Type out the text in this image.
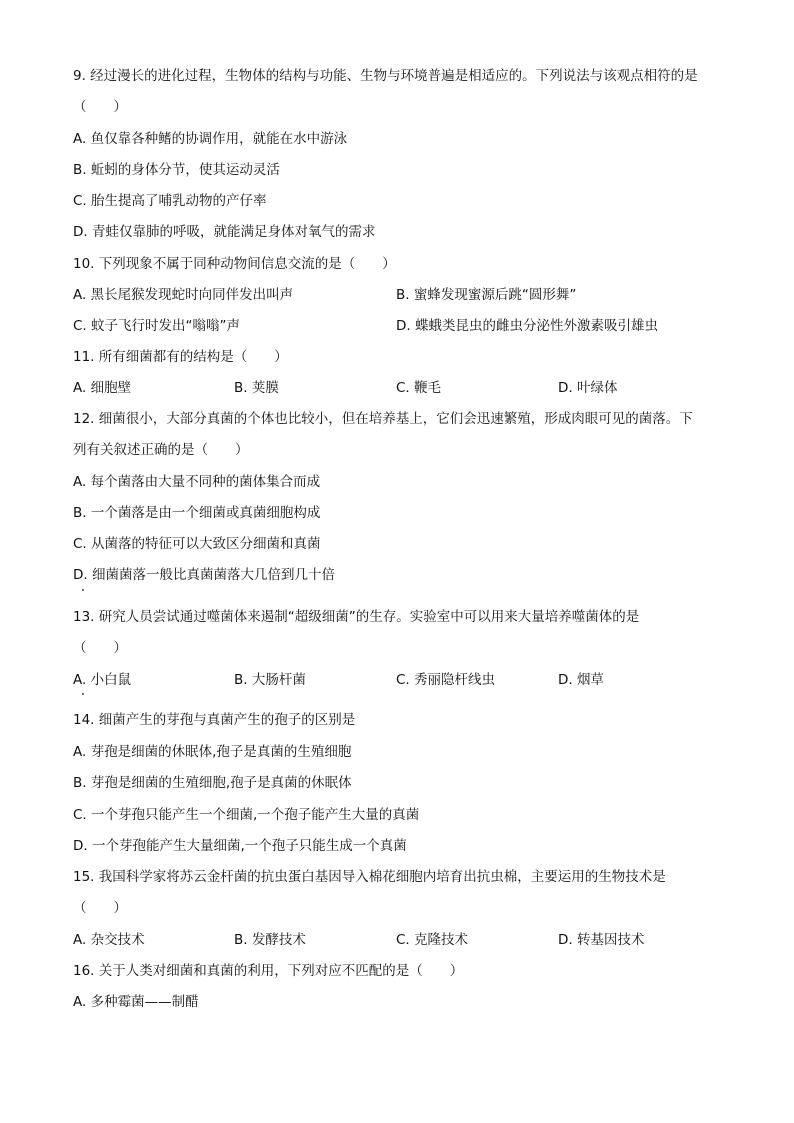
9. 经过漫长的进化过程，生物体的结构与功能、生物与环境普遍是相适应的。下列说法与该观点相符的是
（　　）
A. 鱼仅靠各种鳍的协调作用，就能在水中游泳
B. 蚯蚓的身体分节，使其运动灵活
C. 胎生提高了哺乳动物的产仔率
D. 青蛙仅靠肺的呼吸，就能满足身体对氧气的需求
10. 下列现象不属于同种动物间信息交流的是（　　）
A. 黑长尾猴发现蛇时向同伴发出叫声	B. 蜜蜂发现蜜源后跳“圆形舞”
C. 蚊子飞行时发出“嗡嗡”声	D. 蝶蛾类昆虫的雌虫分泌性外激素吸引雄虫
11. 所有细菌都有的结构是（　　）
A. 细胞壁	B. 荚膜	C. 鞭毛	D. 叶绿体
12. 细菌很小，大部分真菌的个体也比较小，但在培养基上，它们会迅速繁殖，形成肉眼可见的菌落。下
列有关叙述正确的是（　　）
A. 每个菌落由大量不同种的菌体集合而成
B. 一个菌落是由一个细菌或真菌细胞构成
C. 从菌落的特征可以大致区分细菌和真菌
D. 细菌菌落一般比真菌菌落大几倍到几十倍
13. 研究人员尝试通过噬菌体来遏制“超级细菌”的生存。实验室中可以用来大量培养噬菌体的是
（　　）
A. 小白鼠	B. 大肠杆菌	C. 秀丽隐杆线虫	D. 烟草
14. 细菌产生的芽孢与真菌产生的孢子的区别是
A. 芽孢是细菌的休眠体,孢子是真菌的生殖细胞
B. 芽孢是细菌的生殖细胞,孢子是真菌的休眠体
C. 一个芽孢只能产生一个细菌,一个孢子能产生大量的真菌
D. 一个芽孢能产生大量细菌,一个孢子只能生成一个真菌
15. 我国科学家将苏云金杆菌的抗虫蛋白基因导入棉花细胞内培育出抗虫棉，主要运用的生物技术是
（　　）
A. 杂交技术	B. 发酵技术	C. 克隆技术	D. 转基因技术
16. 关于人类对细菌和真菌的利用，下列对应不匹配的是（　　）
A. 多种霉菌——制醋
